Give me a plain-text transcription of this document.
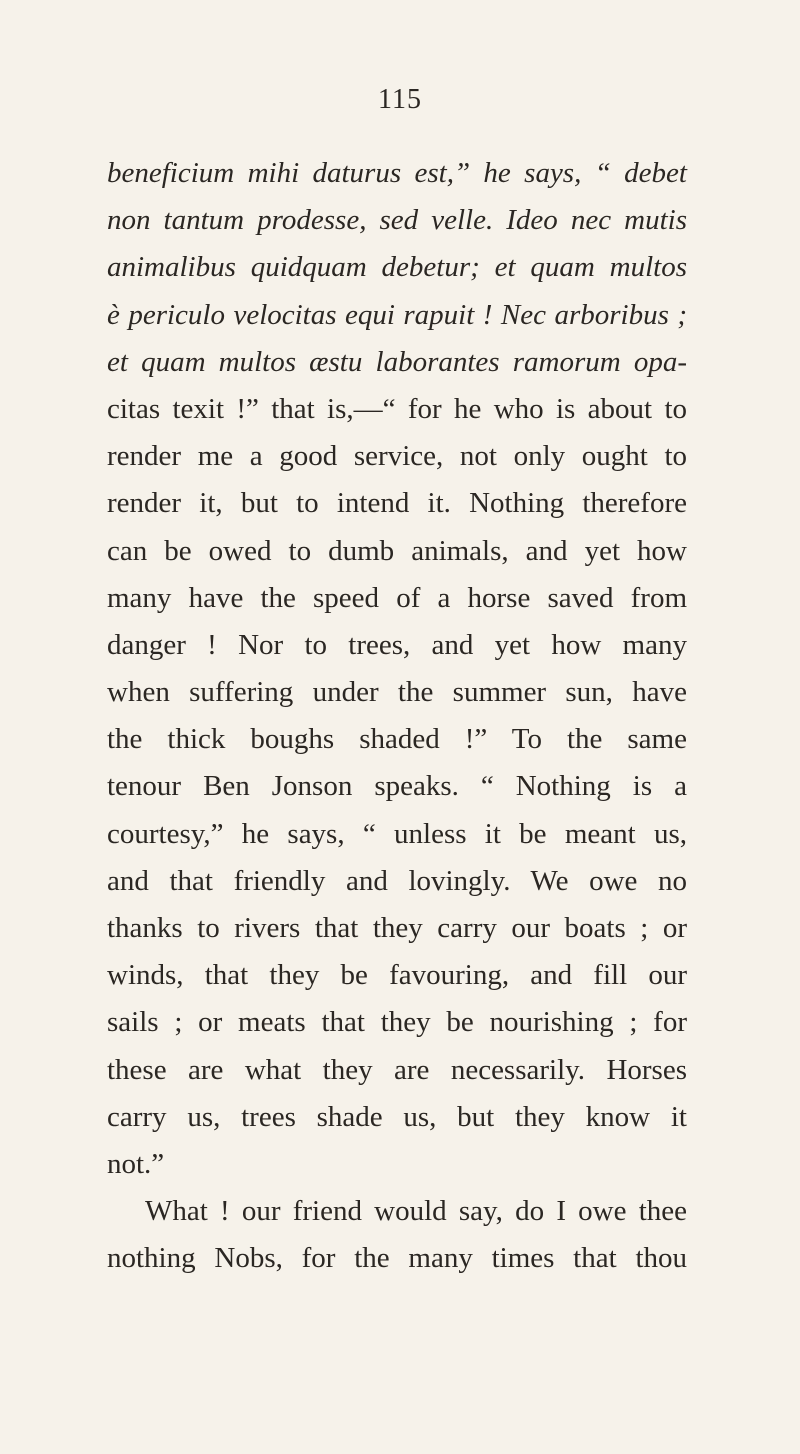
115
beneficium mihi daturus est,” he says, “ debet
non tantum prodesse, sed velle. Ideo nec mutis
animalibus quidquam debetur; et quam multos
è periculo velocitas equi rapuit ! Nec arboribus ;
et quam multos æstu laborantes ramorum opa-
citas texit !” that is,—“ for he who is about to
render me a good service, not only ought to
render it, but to intend it. Nothing therefore
can be owed to dumb animals, and yet how
many have the speed of a horse saved from
danger ! Nor to trees, and yet how many
when suffering under the summer sun, have
the thick boughs shaded !” To the same
tenour Ben Jonson speaks. “ Nothing is a
courtesy,” he says, “ unless it be meant us,
and that friendly and lovingly. We owe no
thanks to rivers that they carry our boats ; or
winds, that they be favouring, and fill our
sails ; or meats that they be nourishing ; for
these are what they are necessarily. Horses
carry us, trees shade us, but they know it
not.”
What ! our friend would say, do I owe thee
nothing Nobs, for the many times that thou
